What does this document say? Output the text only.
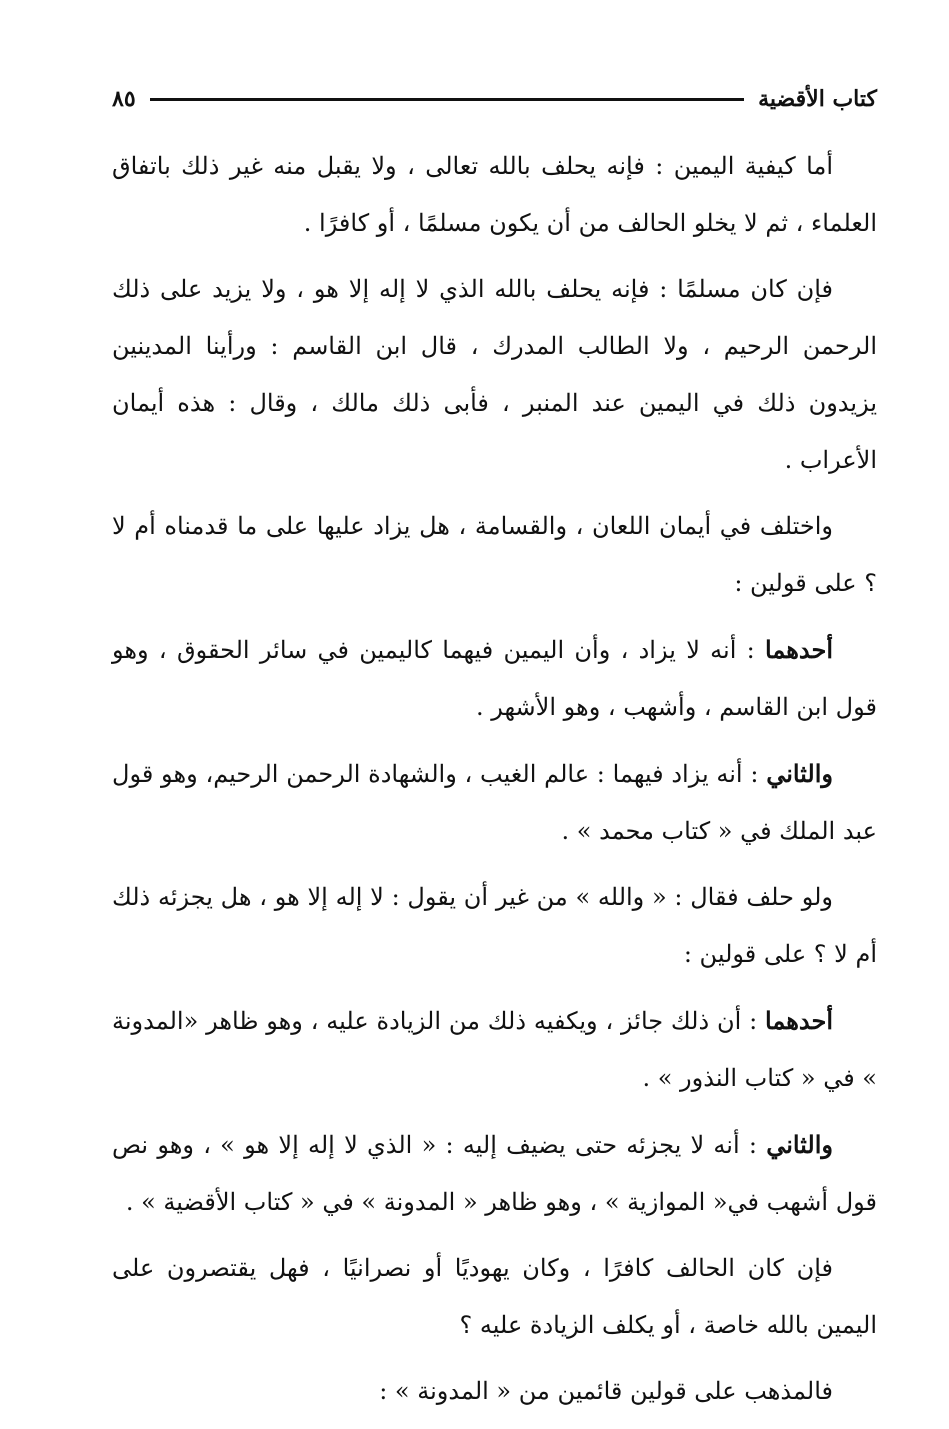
كتاب الأقضية
٨٥

أما كيفية اليمين : فإنه يحلف بالله تعالى ، ولا يقبل منه غير ذلك باتفاق العلماء ، ثم لا يخلو الحالف من أن يكون مسلمًا ، أو كافرًا .

فإن كان مسلمًا : فإنه يحلف بالله الذي لا إله إلا هو ، ولا يزيد على ذلك الرحمن الرحيم ، ولا الطالب المدرك ، قال ابن القاسم : ورأينا المدينين يزيدون ذلك في اليمين عند المنبر ، فأبى ذلك مالك ، وقال : هذه أيمان الأعراب .

واختلف في أيمان اللعان ، والقسامة ، هل يزاد عليها على ما قدمناه أم لا ؟ على قولين :

أحدهما : أنه لا يزاد ، وأن اليمين فيهما كاليمين في سائر الحقوق ، وهو قول ابن القاسم ، وأشهب ، وهو الأشهر .

والثاني : أنه يزاد فيهما : عالم الغيب ، والشهادة الرحمن الرحيم، وهو قول عبد الملك في « كتاب محمد » .

ولو حلف فقال : « والله » من غير أن يقول : لا إله إلا هو ، هل يجزئه ذلك أم لا ؟ على قولين :

أحدهما : أن ذلك جائز ، ويكفيه ذلك من الزيادة عليه ، وهو ظاهر «المدونة » في « كتاب النذور » .

والثاني : أنه لا يجزئه حتى يضيف إليه : « الذي لا إله إلا هو » ، وهو نص قول أشهب في« الموازية » ، وهو ظاهر « المدونة » في « كتاب الأقضية » .

فإن كان الحالف كافرًا ، وكان يهوديًا أو نصرانيًا ، فهل يقتصرون على اليمين بالله خاصة ، أو يكلف الزيادة عليه ؟

فالمذهب على قولين قائمين من « المدونة » :
